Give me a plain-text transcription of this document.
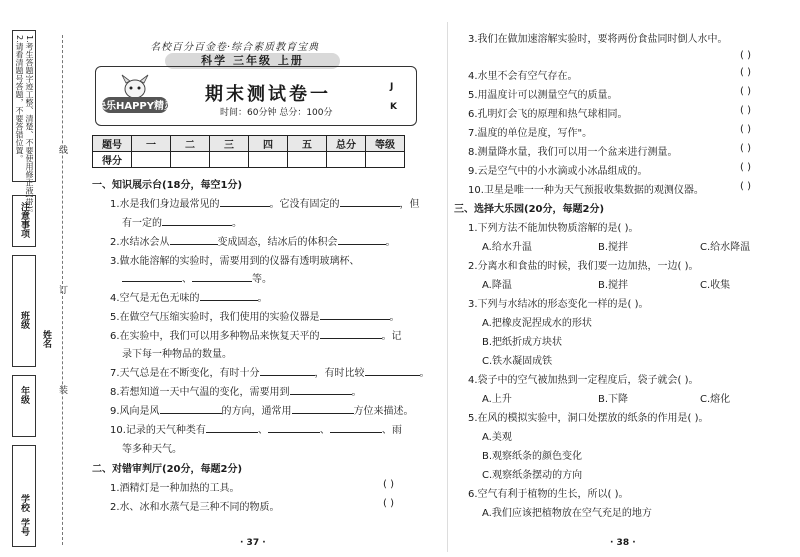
1.考生答题字迹工整、清楚、不要使用修正液(带)。
2.请看清题号答题，不要答错位置。
注意事项
班级
年级
姓名
学校
学号
线
订
装
名校百分百金卷·综合素质教育宝典
科学 三年级 上册
快乐HAPPY精灵
期末测试卷一
时间：60分钟 总分：100分
J
K
题号	一	二	三	四	五	总分	等级
得分							
一、知识展示台(18分，每空1分)
1.水是我们身边最常见的	。它没有固定的	，但
有一定的	。
2.水结冰会从	变成固态，结冰后的体积会	。
3.做水能溶解的实验时，需要用到的仪器有透明玻璃杯、
、	等。
4.空气是无色无味的	。
5.在做空气压缩实验时，我们使用的实验仪器是	。
6.在实验中，我们可以用多种物品来恢复天平的	。记
录下每一种物品的数量。
7.天气总是在不断变化，有时十分	，有时比较	。
8.若想知道一天中气温的变化，需要用到	。
9.风向是风	的方向，通常用	方位来描述。
10.记录的天气种类有	、	、	、雨
等多种天气。
二、对错审判厅(20分，每题2分)
1.酒精灯是一种加热的工具。	( )
2.水、冰和水蒸气是三种不同的物质。	( )
· 37 ·
3.我们在做加速溶解实验时，要将两份食盐同时倒人水中。
( )
4.水里不会有空气存在。	( )
5.用温度计可以测量空气的质量。	( )
6.孔明灯会飞的原理和热气球相同。	( )
7.温度的单位是度，写作"。	( )
8.测量降水量，我们可以用一个盆来进行测量。	( )
9.云是空气中的小水滴或小冰晶组成的。	( )
10.卫星是唯一一种为天气预报收集数据的观测仪器。	( )
三、选择大乐园(20分，每题2分)
1.下列方法不能加快物质溶解的是( )。
A.给水升温	B.搅拌	C.给水降温
2.分离水和食盐的时候，我们要一边加热，一边( )。
A.降温	B.搅拌	C.收集
3.下列与水结冰的形态变化一样的是( )。
A.把橡皮泥捏成水的形状
B.把纸折成方块状
C.铁水凝固成铁
4.袋子中的空气被加热到一定程度后，袋子就会( )。
A.上升	B.下降	C.熔化
5.在风的模拟实验中，洞口处摆放的纸条的作用是( )。
A.美观
B.观察纸条的颜色变化
C.观察纸条摆动的方向
6.空气有利于植物的生长，所以( )。
A.我们应该把植物放在空气充足的地方
· 38 ·
